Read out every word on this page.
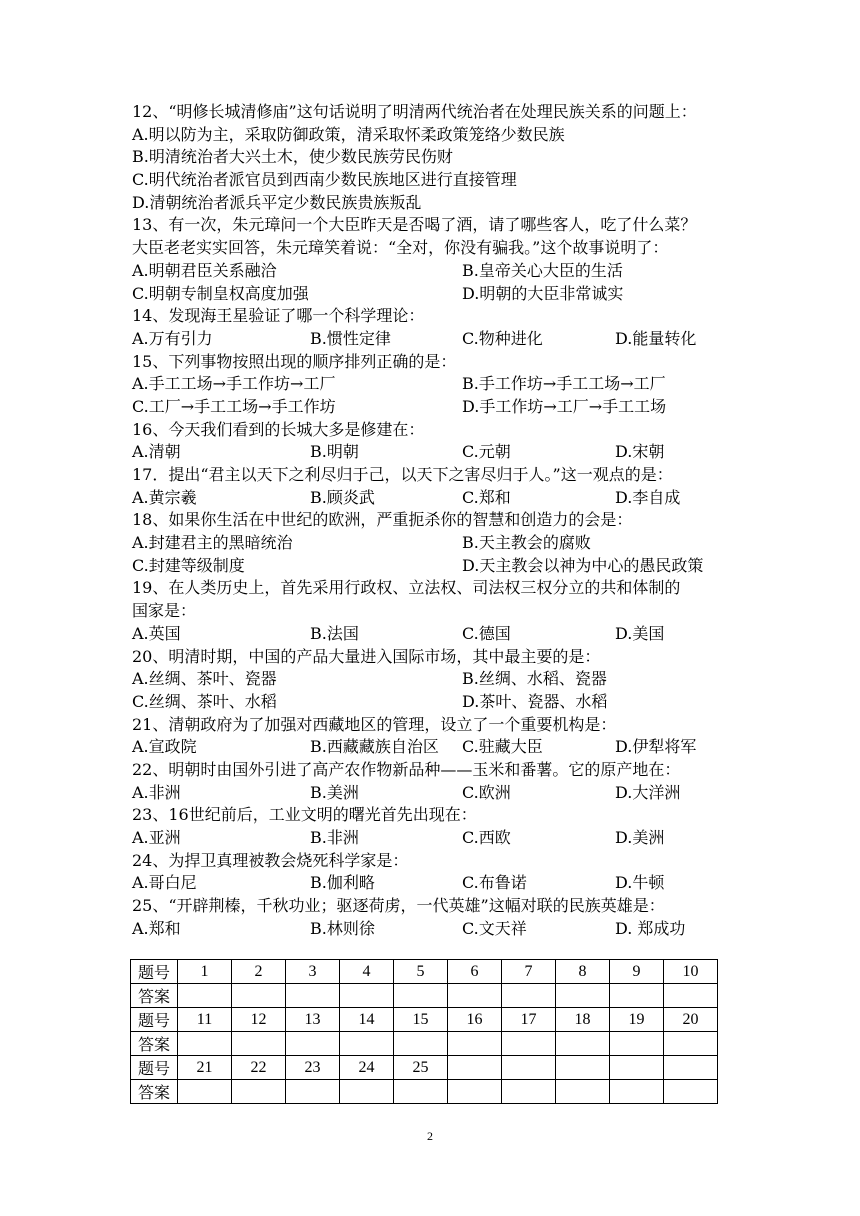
12、“明修长城清修庙”这句话说明了明清两代统治者在处理民族关系的问题上：
A.明以防为主，采取防御政策，清采取怀柔政策笼络少数民族
B.明清统治者大兴土木，使少数民族劳民伤财
C.明代统治者派官员到西南少数民族地区进行直接管理
D.清朝统治者派兵平定少数民族贵族叛乱
13、有一次，朱元璋问一个大臣昨天是否喝了酒，请了哪些客人，吃了什么菜？
大臣老老实实回答，朱元璋笑着说：“全对，你没有骗我。”这个故事说明了：
A.明朝君臣关系融洽	B.皇帝关心大臣的生活
C.明朝专制皇权高度加强	D.明朝的大臣非常诚实
14、发现海王星验证了哪一个科学理论：
A.万有引力	B.惯性定律	C.物种进化	D.能量转化
15、下列事物按照出现的顺序排列正确的是：
A.手工工场→手工作坊→工厂	B.手工作坊→手工工场→工厂
C.工厂→手工工场→手工作坊	D.手工作坊→工厂→手工工场
16、今天我们看到的长城大多是修建在：
A.清朝	B.明朝	C.元朝	D.宋朝
17．提出“君主以天下之利尽归于己，以天下之害尽归于人。”这一观点的是：
A.黄宗羲	B.顾炎武	C.郑和	D.李自成
18、如果你生活在中世纪的欧洲，严重扼杀你的智慧和创造力的会是：
A.封建君主的黑暗统治	B.天主教会的腐败
C.封建等级制度	D.天主教会以神为中心的愚民政策
19、在人类历史上，首先采用行政权、立法权、司法权三权分立的共和体制的
国家是：
A.英国	B.法国	C.德国	D.美国
20、明清时期，中国的产品大量进入国际市场，其中最主要的是：
A.丝绸、茶叶、瓷器	B.丝绸、水稻、瓷器
C.丝绸、茶叶、水稻	D.茶叶、瓷器、水稻
21、清朝政府为了加强对西藏地区的管理，设立了一个重要机构是：
A.宣政院	B.西藏藏族自治区 C.驻藏大臣	D.伊犁将军
22、明朝时由国外引进了高产农作物新品种——玉米和番薯。它的原产地在：
A.非洲	B.美洲	C.欧洲	D.大洋洲
23、16世纪前后，工业文明的曙光首先出现在：
A.亚洲	B.非洲	C.西欧	D.美洲
24、为捍卫真理被教会烧死科学家是：
A.哥白尼	B.伽利略	C.布鲁诺	D.牛顿
25、“开辟荆榛，千秋功业；驱逐荷虏，一代英雄”这幅对联的民族英雄是：
A.郑和	B.林则徐	C.文天祥	D. 郑成功
题号	1	2	3	4	5	6	7	8	9	10
答案										
题号	11	12	13	14	15	16	17	18	19	20
答案										
题号	21	22	23	24	25					
答案										
2
